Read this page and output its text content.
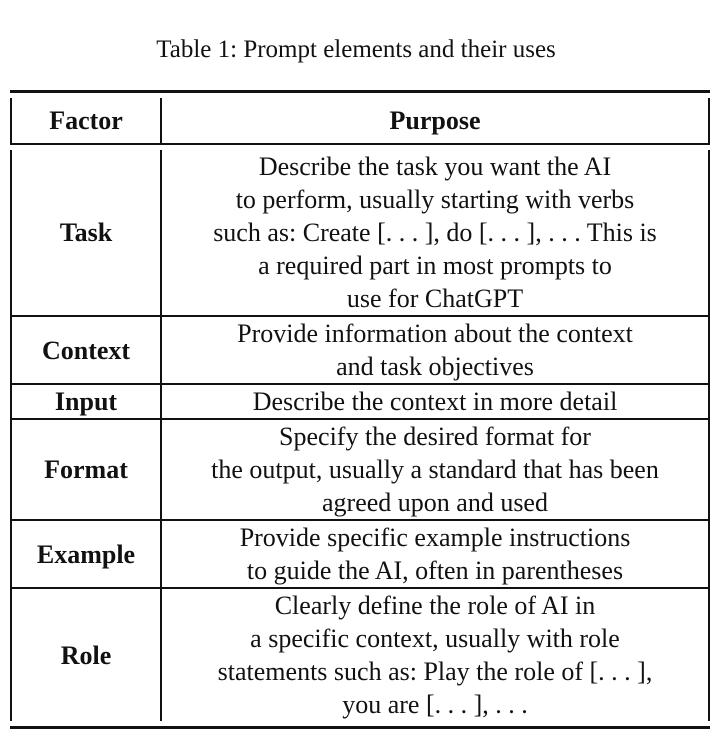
Table 1: Prompt elements and their uses
Factor	Purpose
Task
Describe the task you want the AI
to perform, usually starting with verbs
such as: Create [. . . ], do [. . . ], . . . This is
a required part in most prompts to
use for ChatGPT
Context
Provide information about the context
and task objectives
Input	Describe the context in more detail
Format
Specify the desired format for
the output, usually a standard that has been
agreed upon and used
Example
Provide specific example instructions
to guide the AI, often in parentheses
Role
Clearly define the role of AI in
a specific context, usually with role
statements such as: Play the role of [. . . ],
you are [. . . ], . . .
